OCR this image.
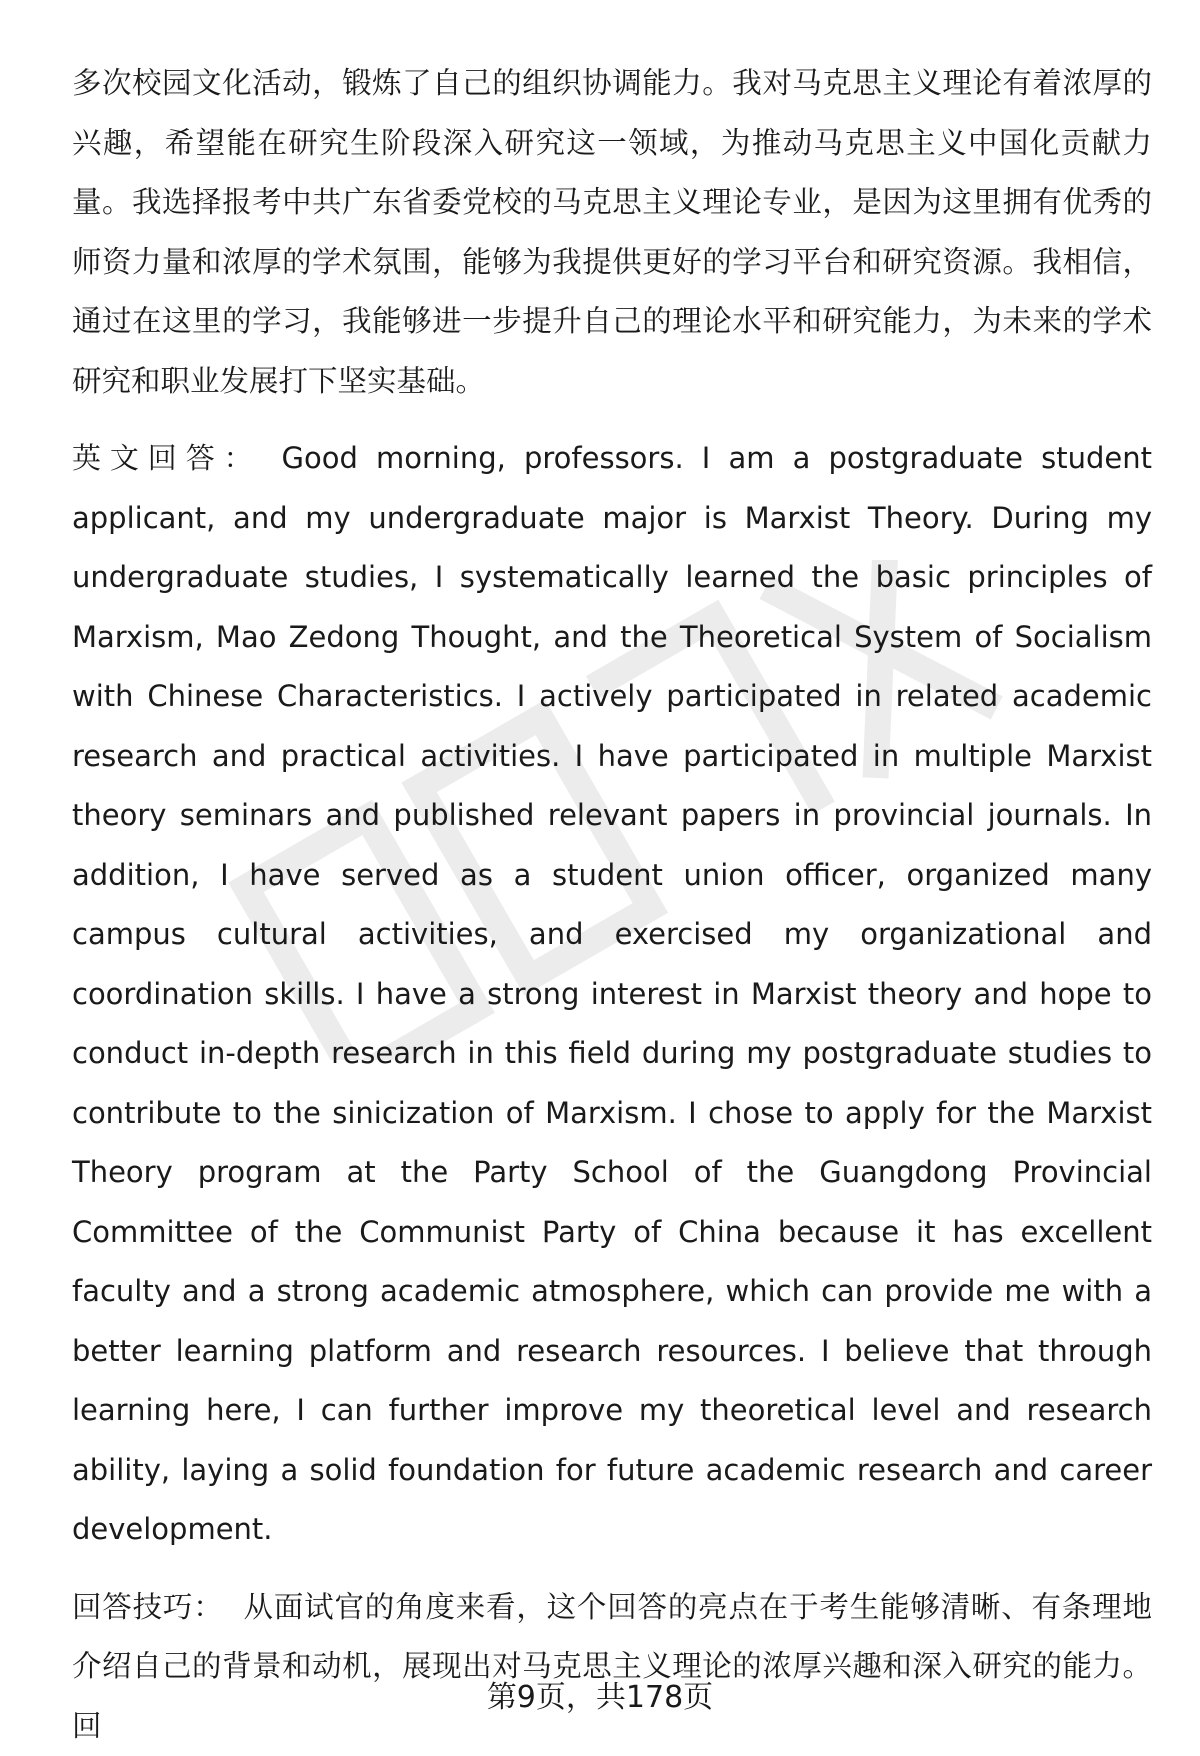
多次校园文化活动，锻炼了自己的组织协调能力。我对马克思主义理论有着浓厚的兴趣，希望能在研究生阶段深入研究这一领域，为推动马克思主义中国化贡献力量。我选择报考中共广东省委党校的马克思主义理论专业，是因为这里拥有优秀的师资力量和浓厚的学术氛围，能够为我提供更好的学习平台和研究资源。我相信，通过在这里的学习，我能够进一步提升自己的理论水平和研究能力，为未来的学术研究和职业发展打下坚实基础。

英文回答： Good morning, professors. I am a postgraduate student applicant, and my undergraduate major is Marxist Theory. During my undergraduate studies, I systematically learned the basic principles of Marxism, Mao Zedong Thought, and the Theoretical System of Socialism with Chinese Characteristics. I actively participated in related academic research and practical activities. I have participated in multiple Marxist theory seminars and published relevant papers in provincial journals. In addition, I have served as a student union officer, organized many campus cultural activities, and exercised my organizational and coordination skills. I have a strong interest in Marxist theory and hope to conduct in-depth research in this field during my postgraduate studies to contribute to the sinicization of Marxism. I chose to apply for the Marxist Theory program at the Party School of the Guangdong Provincial Committee of the Communist Party of China because it has excellent faculty and a strong academic atmosphere, which can provide me with a better learning platform and research resources. I believe that through learning here, I can further improve my theoretical level and research ability, laying a solid foundation for future academic research and career development.

回答技巧： 从面试官的角度来看，这个回答的亮点在于考生能够清晰、有条理地介绍自己的背景和动机，展现出对马克思主义理论的浓厚兴趣和深入研究的能力。回

第9页，共178页
